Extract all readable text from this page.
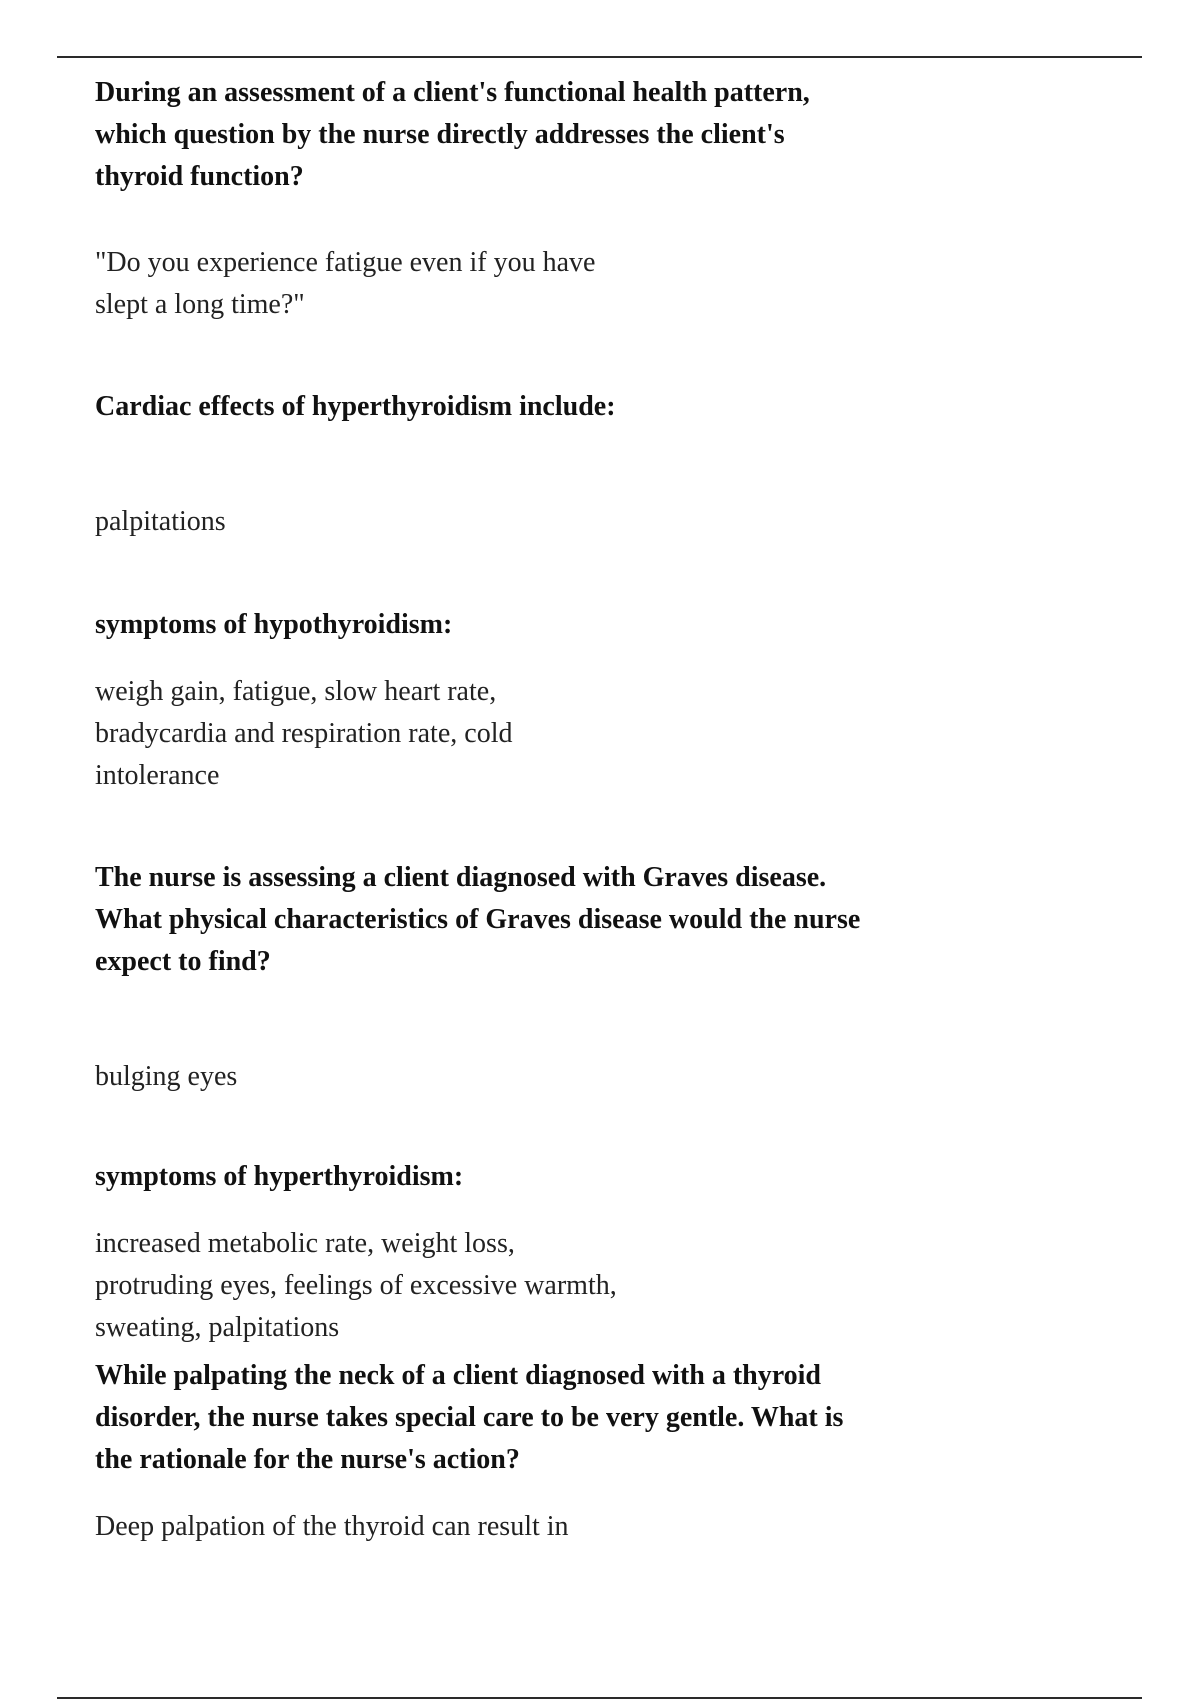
During an assessment of a client's functional health pattern,
which question by the nurse directly addresses the client's
thyroid function?

"Do you experience fatigue even if you have
slept a long time?"

Cardiac effects of hyperthyroidism include:

palpitations

symptoms of hypothyroidism:

weigh gain, fatigue, slow heart rate,
bradycardia and respiration rate, cold
intolerance

The nurse is assessing a client diagnosed with Graves disease.
What physical characteristics of Graves disease would the nurse
expect to find?

bulging eyes

symptoms of hyperthyroidism:

increased metabolic rate, weight loss,
protruding eyes, feelings of excessive warmth,
sweating, palpitations

While palpating the neck of a client diagnosed with a thyroid
disorder, the nurse takes special care to be very gentle. What is
the rationale for the nurse's action?

Deep palpation of the thyroid can result in
